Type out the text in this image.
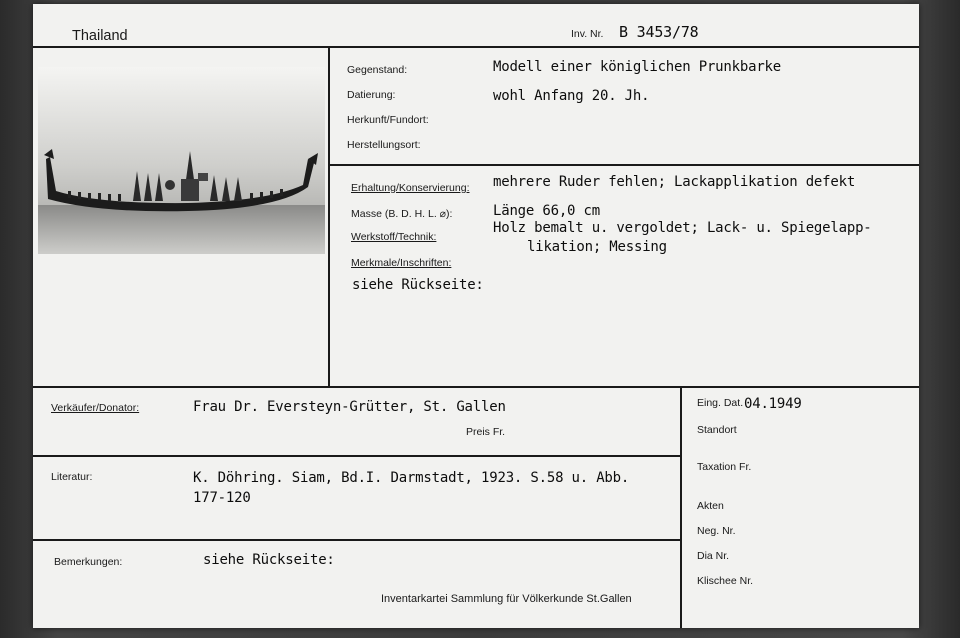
Thailand	Inv. Nr. B 3453/78
Gegenstand:	Modell einer königlichen Prunkbarke
Datierung:	wohl Anfang 20. Jh.
Herkunft/Fundort:
Herstellungsort:
Erhaltung/Konservierung: mehrere Ruder fehlen; Lackapplikation defekt
Masse (B. D. H. L. ⌀):	Länge 66,0 cm
Werkstoff/Technik:
Holz bemalt u. vergoldet; Lack- u. Spiegelapp-
likation; Messing
Merkmale/Inschriften:
siehe Rückseite:
Verkäufer/Donator:	Frau Dr. Eversteyn-Grütter, St. Gallen
Preis Fr.
Literatur:	K. Döhring. Siam, Bd.I. Darmstadt, 1923. S.58 u. Abb.
177-120
Bemerkungen:	siehe Rückseite:
Inventarkartei Sammlung für Völkerkunde St.Gallen
Eing. Dat. 04.1949
Standort
Taxation Fr.
Akten
Neg. Nr.
Dia Nr.
Klischee Nr.
